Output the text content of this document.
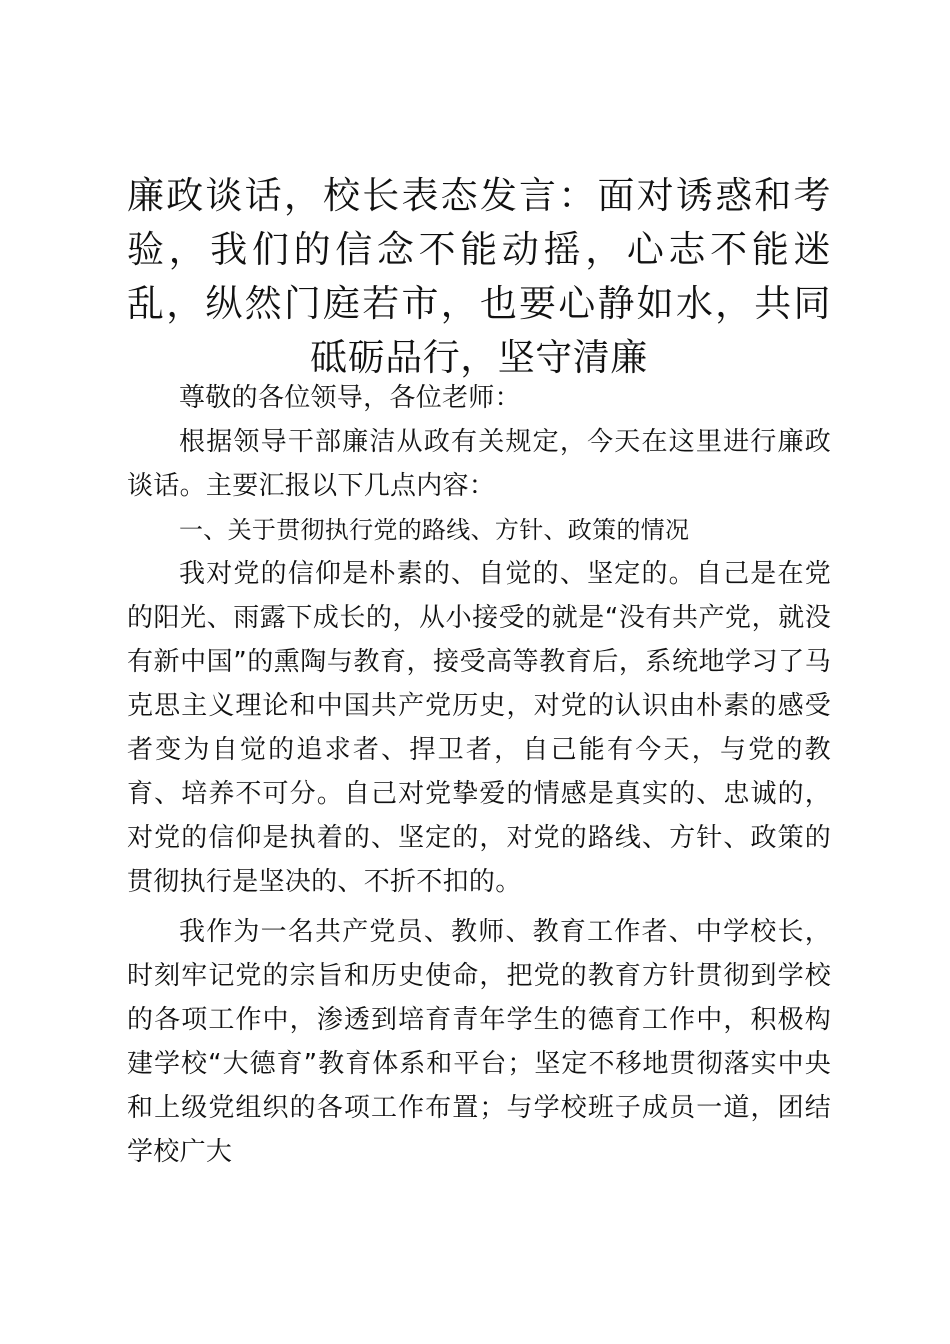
廉政谈话，校长表态发言：面对诱惑和考验，我们的信念不能动摇，心志不能迷乱，纵然门庭若市，也要心静如水，共同砥砺品行，坚守清廉

尊敬的各位领导，各位老师：

根据领导干部廉洁从政有关规定，今天在这里进行廉政谈话。主要汇报以下几点内容：

一、关于贯彻执行党的路线、方针、政策的情况

我对党的信仰是朴素的、自觉的、坚定的。自己是在党的阳光、雨露下成长的，从小接受的就是“没有共产党，就没有新中国”的熏陶与教育，接受高等教育后，系统地学习了马克思主义理论和中国共产党历史，对党的认识由朴素的感受者变为自觉的追求者、捍卫者，自己能有今天，与党的教育、培养不可分。自己对党挚爱的情感是真实的、忠诚的，对党的信仰是执着的、坚定的，对党的路线、方针、政策的贯彻执行是坚决的、不折不扣的。

我作为一名共产党员、教师、教育工作者、中学校长，时刻牢记党的宗旨和历史使命，把党的教育方针贯彻到学校的各项工作中，渗透到培育青年学生的德育工作中，积极构建学校“大德育”教育体系和平台；坚定不移地贯彻落实中央和上级党组织的各项工作布置；与学校班子成员一道，团结学校广大
